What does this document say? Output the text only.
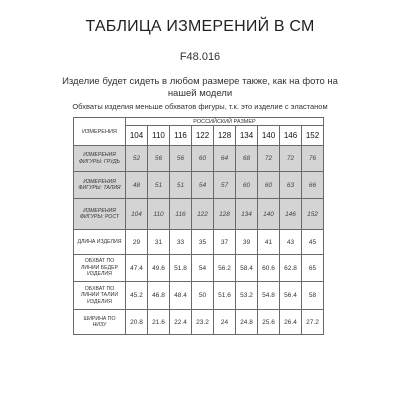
ТАБЛИЦА ИЗМЕРЕНИЙ В СМ
F48.016
Изделие будет сидеть в любом размере также, как на фото на нашей модели
Обхваты изделия меньше обхватов фигуры, т.к. это изделие с эластаном
ИЗМЕРЕНИЯ	РОССИЙСКИЙ РАЗМЕР								
	104	110	116	122	128	134	140	146	152
ИЗМЕРЕНИЯ ФИГУРЫ: ГРУДЬ	52	56	56	60	64	68	72	72	76
ИЗМЕРЕНИЯ ФИГУРЫ: ТАЛИЯ	48	51	51	54	57	60	60	63	66
ИЗМЕРЕНИЯ ФИГУРЫ: РОСТ	104	110	116	122	128	134	140	146	152
ДЛИНА ИЗДЕЛИЯ	29	31	33	35	37	39	41	43	45
ОБХВАТ ПО ЛИНИИ БЕДЕР ИЗДЕЛИЯ	47.4	49.6	51.8	54	56.2	58.4	60.6	62.8	65
ОБХВАТ ПО ЛИНИИ ТАЛИИ ИЗДЕЛИЯ	45.2	46.8	48.4	50	51.6	53.2	54.8	56.4	58
ШИРИНА ПО НИЗУ	20.8	21.6	22.4	23.2	24	24.8	25.6	26.4	27.2
